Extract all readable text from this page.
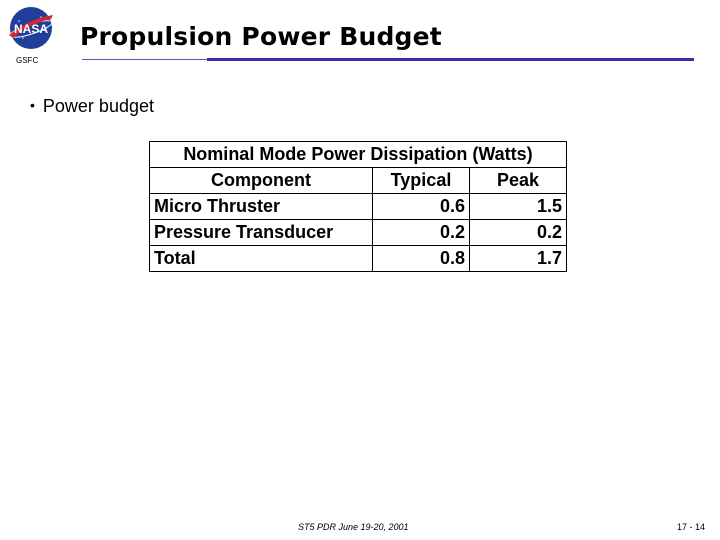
NASA
GSFC
Propulsion Power Budget
• Power budget
Nominal Mode Power Dissipation (Watts)		
Component	Typical	Peak
Micro Thruster	0.6	1.5
Pressure Transducer	0.2	0.2
Total	0.8	1.7
ST5 PDR June 19-20, 2001	17 - 14
